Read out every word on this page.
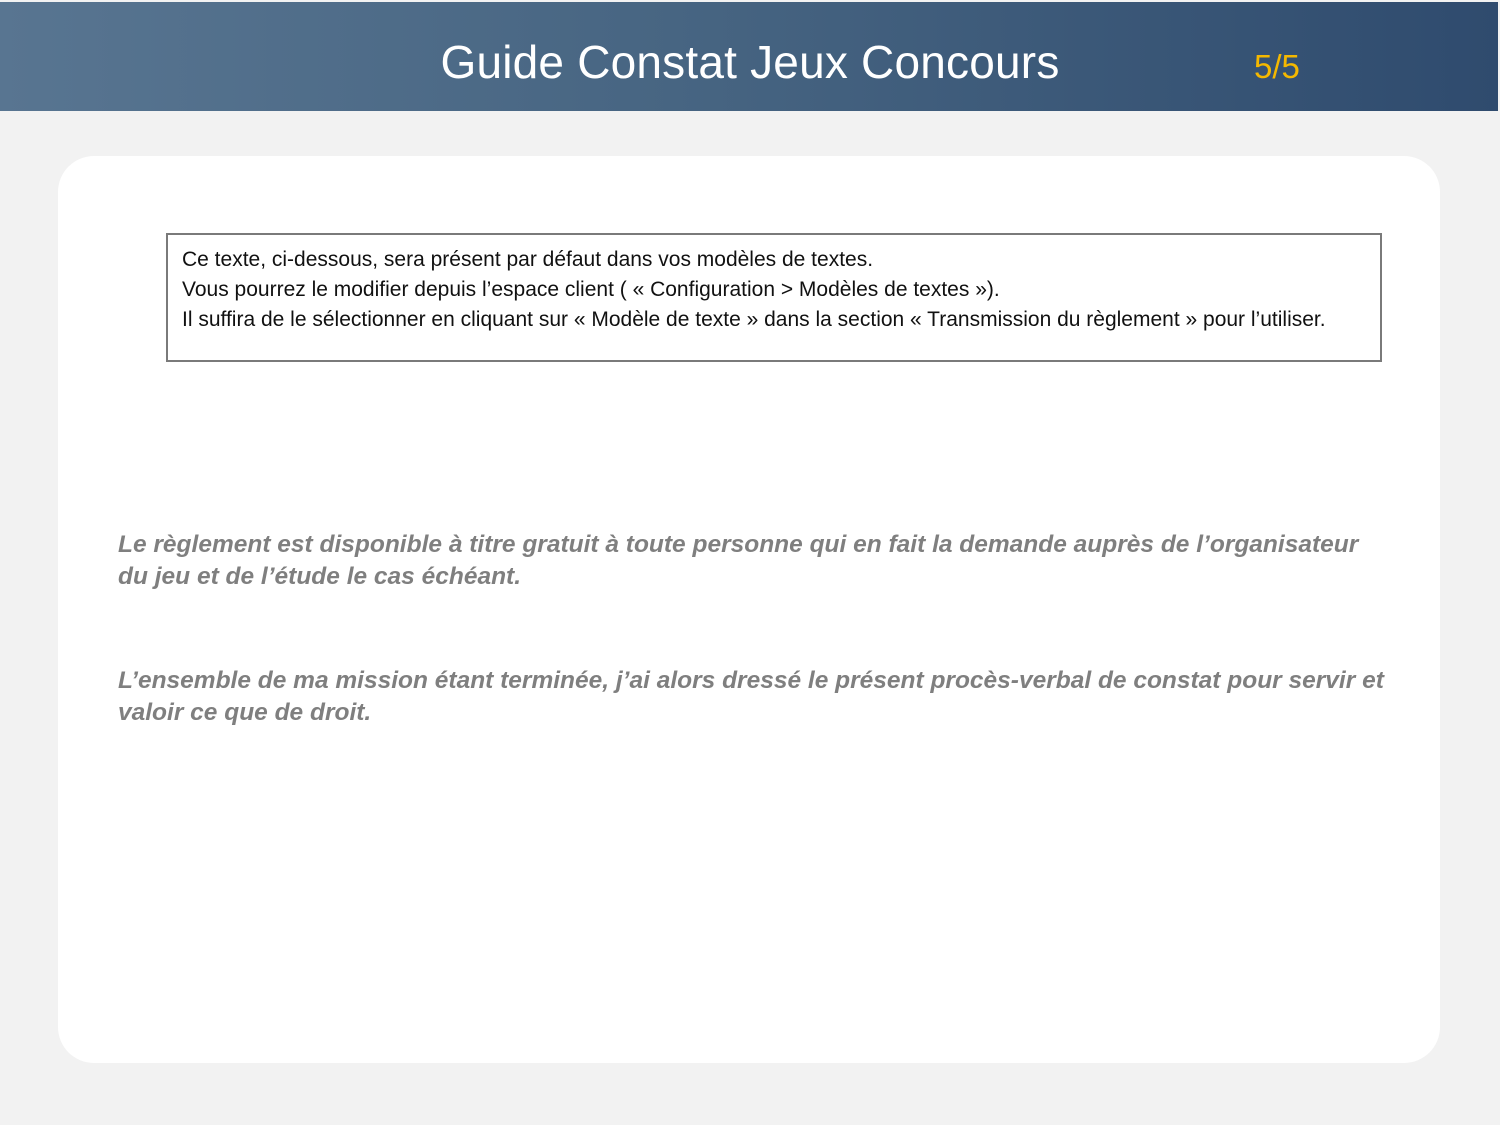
Guide Constat Jeux Concours	5/5
Ce texte, ci-dessous, sera présent par défaut dans vos modèles de textes.
Vous pourrez le modifier depuis l’espace client ( « Configuration > Modèles de textes »).
Il suffira de le sélectionner en cliquant sur « Modèle de texte » dans la section « Transmission du règlement » pour l’utiliser.
Le règlement est disponible à titre gratuit à toute personne qui en fait la demande auprès de l’organisateur du jeu et de l’étude le cas échéant.
L’ensemble de ma mission étant terminée, j’ai alors dressé le présent procès-verbal de constat pour servir et valoir ce que de droit.
